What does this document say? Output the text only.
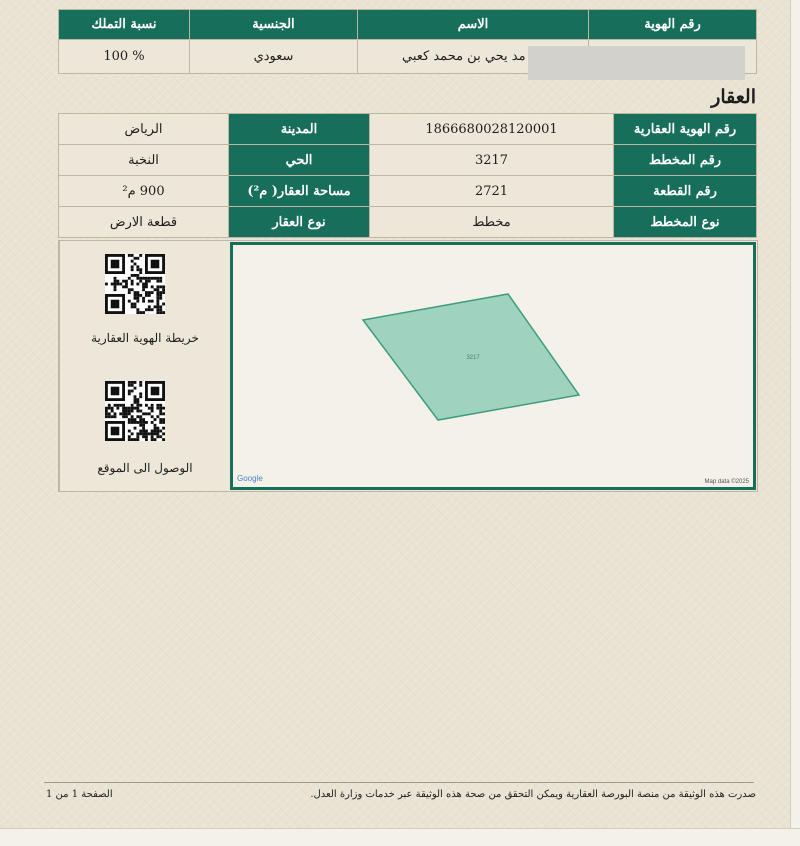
رقم الهوية	الاسم	الجنسية	نسبة التملك
	مد يحي بن محمد كعبي	سعودي	100 %
العقار
رقم الهوية العقارية	186668002812000‎1	المدينة	الرياض
رقم المخطط	3217	الحي	النخبة
رقم القطعة	2721	مساحة العقار( م²)	900 م²
نوع المخطط	مخطط	نوع العقار	قطعة الارض
خريطة الهوية العقارية
الوصول الى الموقع
3217
Google	Map data ©2025
الصفحة 1 من 1	صدرت هذه الوثيقة من منصة البورصة العقارية ويمكن التحقق من صحة هذه الوثيقة عبر خدمات وزارة العدل.
